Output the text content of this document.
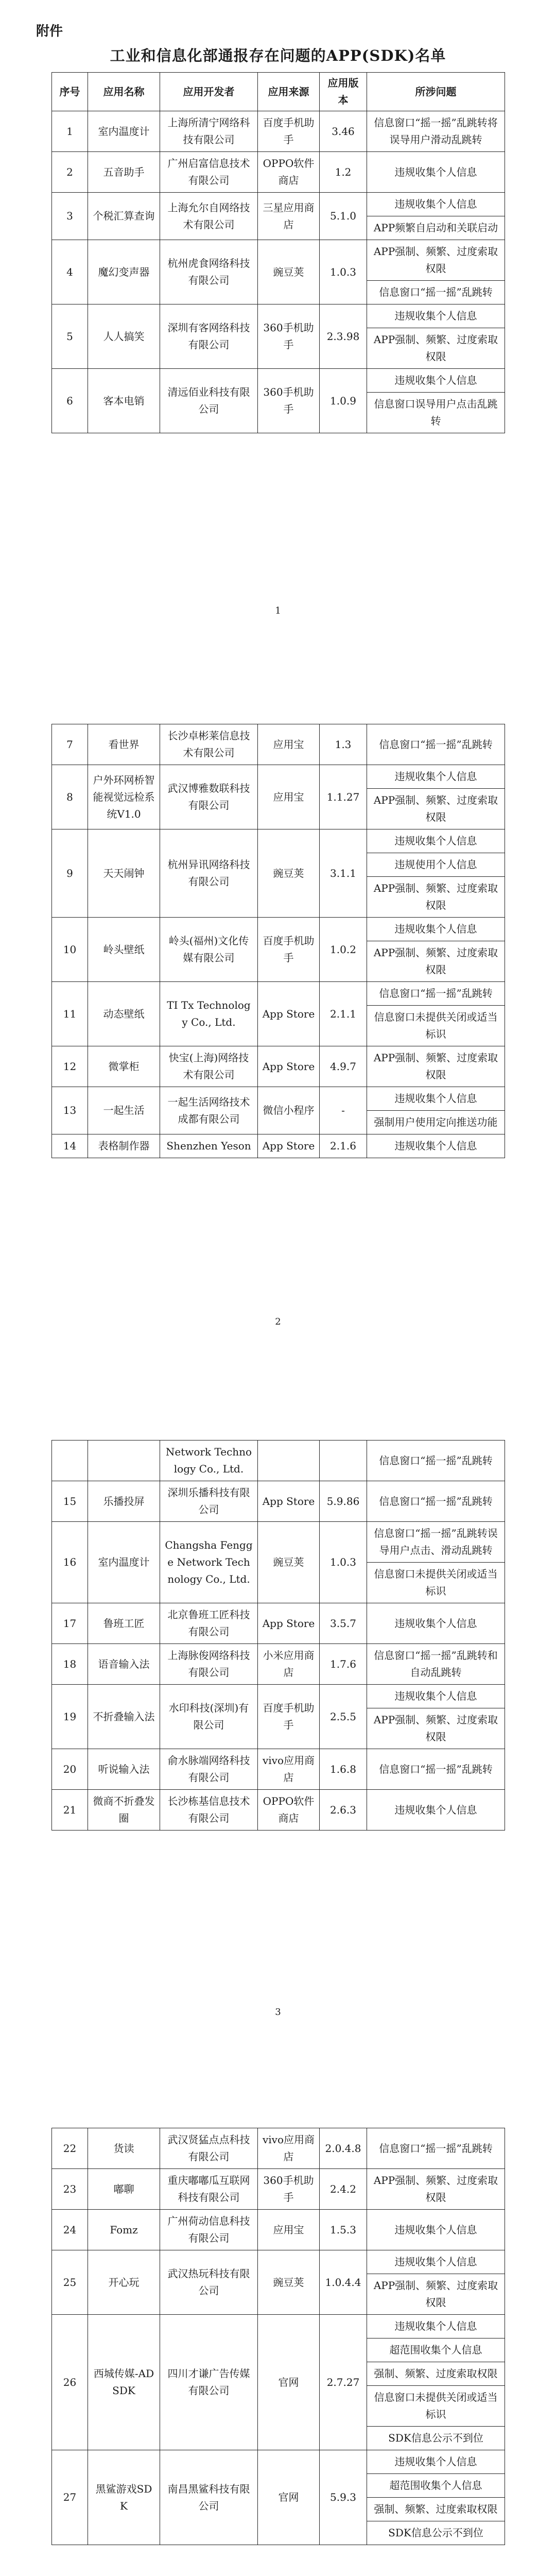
附件
工业和信息化部通报存在问题的APP(SDK)名单
序号	应用名称	应用开发者	应用来源	应用版本	所涉问题
1	室内温度计	上海所清宁网络科技有限公司	百度手机助手	3.46	信息窗口“摇一摇”乱跳转将误导用户滑动乱跳转
2	五音助手	广州启富信息技术有限公司	OPPO软件商店	1.2	违规收集个人信息
3	个税汇算查询	上海允尔自网络技术有限公司	三星应用商店	5.1.0	违规收集个人信息
					APP频繁自启动和关联启动
4	魔幻变声器	杭州虎食网络科技有限公司	豌豆荚	1.0.3	APP强制、频繁、过度索取权限
					信息窗口“摇一摇”乱跳转
5	人人搞笑	深圳有客网络科技有限公司	360手机助手	2.3.98	违规收集个人信息
					APP强制、频繁、过度索取权限
6	客本电销	清远佰业科技有限公司	360手机助手	1.0.9	违规收集个人信息
					信息窗口误导用户点击乱跳转
1
7	看世界	长沙卓彬莱信息技术有限公司	应用宝	1.3	信息窗口“摇一摇”乱跳转
8	户外环网桥智能视觉远检系统V1.0	武汉博雅数联科技有限公司	应用宝	1.1.27	违规收集个人信息
					APP强制、频繁、过度索取权限
9	天天闹钟	杭州异讯网络科技有限公司	豌豆荚	3.1.1	违规收集个人信息
					违规使用个人信息
					APP强制、频繁、过度索取权限
10	岭头壁纸	岭头(福州)文化传媒有限公司	百度手机助手	1.0.2	违规收集个人信息
					APP强制、频繁、过度索取权限
11	动态壁纸	TI Tx Technology Co., Ltd.	App Store	2.1.1	信息窗口“摇一摇”乱跳转
					信息窗口未提供关闭或适当标识
12	微掌柜	快宝(上海)网络技术有限公司	App Store	4.9.7	APP强制、频繁、过度索取权限
13	一起生活	一起生活网络技术成都有限公司	微信小程序	-	违规收集个人信息
					强制用户使用定向推送功能
14	表格制作器	Shenzhen Yeson	App Store	2.1.6	违规收集个人信息
2
		Network Technology Co., Ltd.			信息窗口“摇一摇”乱跳转
15	乐播投屏	深圳乐播科技有限公司	App Store	5.9.86	信息窗口“摇一摇”乱跳转
16	室内温度计	Changsha Fengge Network Technology Co., Ltd.	豌豆荚	1.0.3	信息窗口“摇一摇”乱跳转误导用户点击、滑动乱跳转
					信息窗口未提供关闭或适当标识
17	鲁班工匠	北京鲁班工匠科技有限公司	App Store	3.5.7	违规收集个人信息
18	语音输入法	上海脉俊网络科技有限公司	小米应用商店	1.7.6	信息窗口“摇一摇”乱跳转和自动乱跳转
19	不折叠输入法	水印科技(深圳)有限公司	百度手机助手	2.5.5	违规收集个人信息
					APP强制、频繁、过度索取权限
20	听说输入法	俞水脉端网络科技有限公司	vivo应用商店	1.6.8	信息窗口“摇一摇”乱跳转
21	微商不折叠发圈	长沙栋基信息技术有限公司	OPPO软件商店	2.6.3	违规收集个人信息
3
22	货读	武汉贤猛点点科技有限公司	vivo应用商店	2.0.4.8	信息窗口“摇一摇”乱跳转
23	嘟聊	重庆嘟嘟瓜互联网科技有限公司	360手机助手	2.4.2	APP强制、频繁、过度索取权限
24	Fomz	广州荷动信息科技有限公司	应用宝	1.5.3	违规收集个人信息
25	开心玩	武汉热玩科技有限公司	豌豆荚	1.0.4.4	违规收集个人信息
					APP强制、频繁、过度索取权限
26	西城传媒-ADSDK	四川才谦广告传媒有限公司	官网	2.7.27	违规收集个人信息
					超范围收集个人信息
					强制、频繁、过度索取权限
					信息窗口未提供关闭或适当标识
					SDK信息公示不到位
27	黑鲨游戏SDK	南昌黑鲨科技有限公司	官网	5.9.3	违规收集个人信息
					超范围收集个人信息
					强制、频繁、过度索取权限
					SDK信息公示不到位
